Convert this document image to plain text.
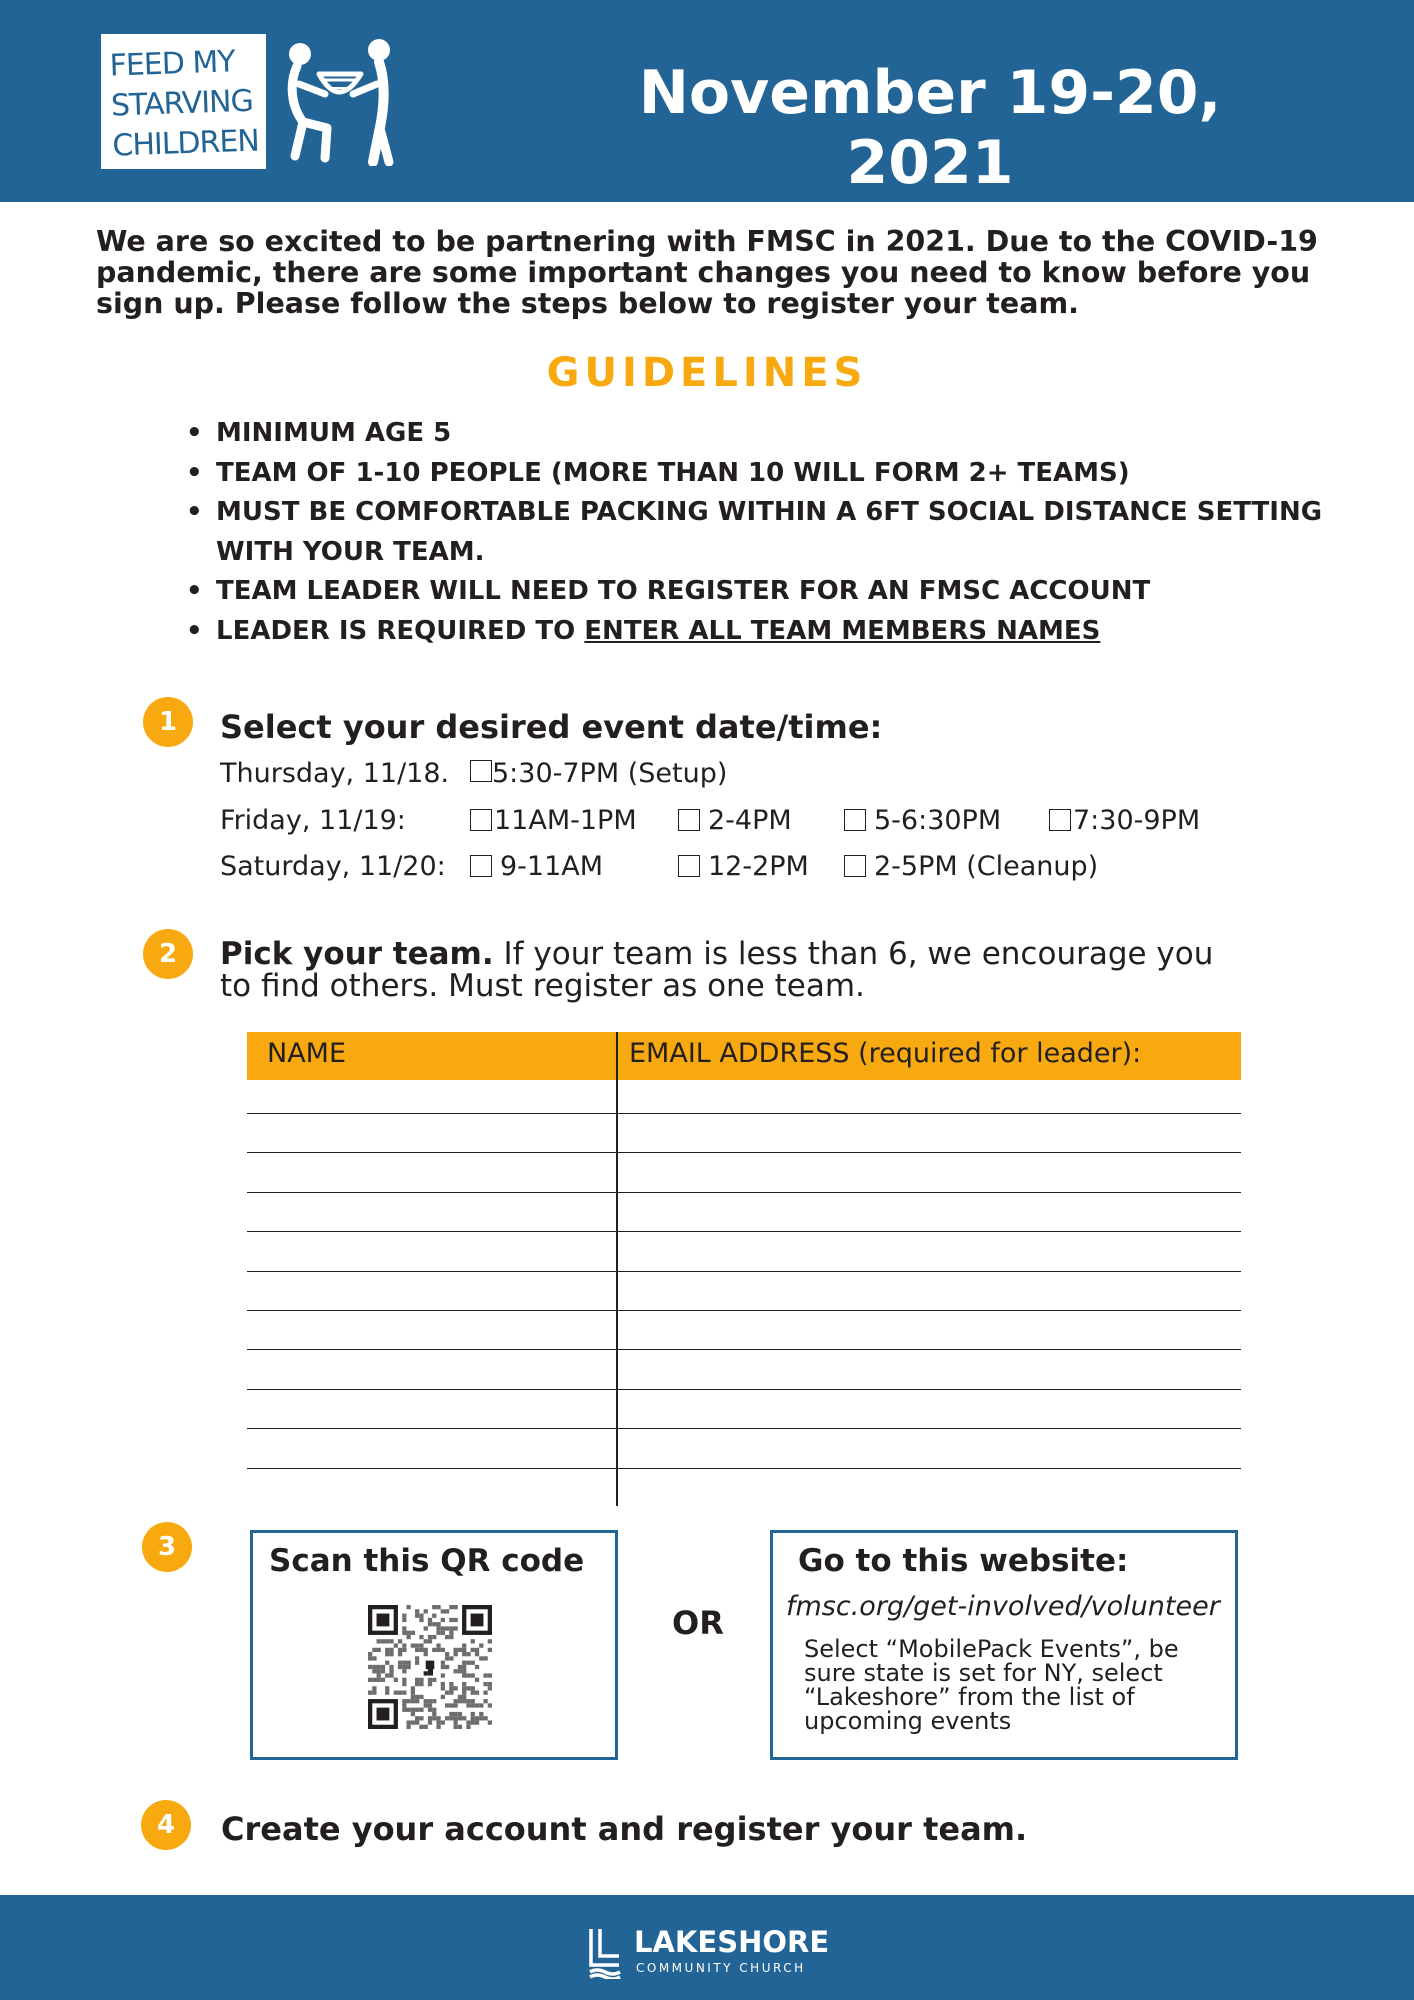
FEED MY
STARVING
CHILDREN
November 19-20, 2021
We are so excited to be partnering with FMSC in 2021. Due to the COVID-19 pandemic, there are some important changes you need to know before you sign up. Please follow the steps below to register your team.
GUIDELINES
• MINIMUM AGE 5
• TEAM OF 1-10 PEOPLE (MORE THAN 10 WILL FORM 2+ TEAMS)
• MUST BE COMFORTABLE PACKING WITHIN A 6FT SOCIAL DISTANCE SETTING WITH YOUR TEAM.
• TEAM LEADER WILL NEED TO REGISTER FOR AN FMSC ACCOUNT
• LEADER IS REQUIRED TO ENTER ALL TEAM MEMBERS NAMES
1	Select your desired event date/time:
Thursday, 11/18.	5:30-7PM (Setup)
Friday, 11/19:	11AM-1PM	2-4PM	5-6:30PM	7:30-9PM
Saturday, 11/20:	9-11AM	12-2PM	2-5PM (Cleanup)
2	Pick your team. If your team is less than 6, we encourage you to find others. Must register as one team.
NAME	EMAIL ADDRESS (required for leader):
3	Scan this QR code
OR
Go to this website:
fmsc.org/get-involved/volunteer
Select “MobilePack Events”, be sure state is set for NY, select “Lakeshore” from the list of upcoming events
4	Create your account and register your team.
LAKESHORE
COMMUNITY CHURCH
